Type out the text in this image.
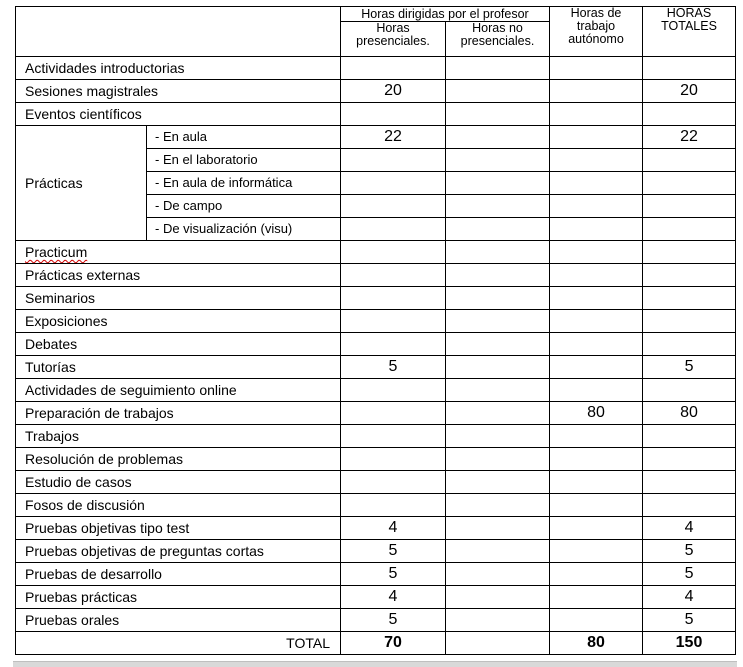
		Horas dirigidas por el profesor		Horas de trabajo autónomo	HORAS TOTALES
		Horas presenciales.	Horas no presenciales.		
Actividades introductorias					
Sesiones magistrales		20			20
Eventos científicos					
Prácticas	- En aula	22			22
	- En el laboratorio				
	- En aula de informática				
	- De campo				
	- De visualización (visu)				
Practicum					
Prácticas externas					
Seminarios					
Exposiciones					
Debates					
Tutorías		5			5
Actividades de seguimiento online					
Preparación de trabajos				80	80
Trabajos					
Resolución de problemas					
Estudio de casos					
Fosos de discusión					
Pruebas objetivas tipo test		4			4
Pruebas objetivas de preguntas cortas		5			5
Pruebas de desarrollo		5			5
Pruebas prácticas		4			4
Pruebas orales		5			5
TOTAL		70		80	150
